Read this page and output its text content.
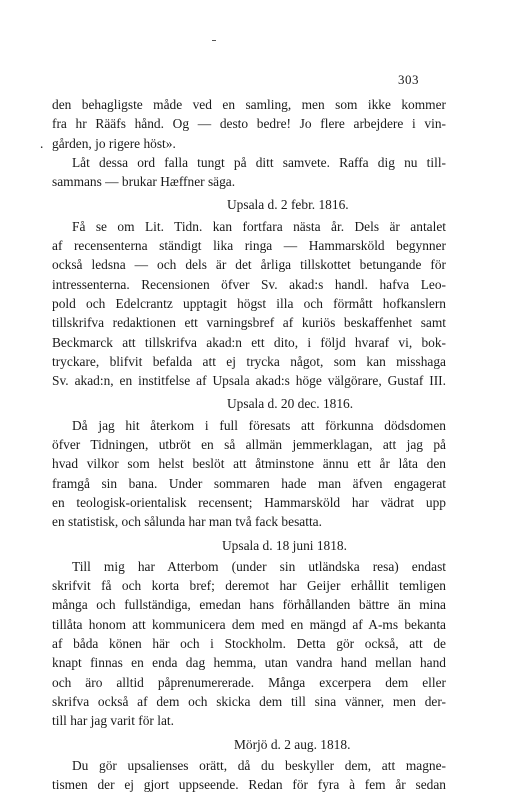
303
den behagligste måde ved en samling, men som ikke kommer
fra hr Rääfs hånd. Og — desto bedre! Jo flere arbejdere i vin-
gården, jo rigere höst».
.
Låt dessa ord falla tungt på ditt samvete. Raffa dig nu till-
sammans — brukar Hæffner säga.
Upsala d. 2 febr. 1816.
Få se om Lit. Tidn. kan fortfara nästa år. Dels är antalet
af recensenterna ständigt lika ringa — Hammarsköld begynner
också ledsna — och dels är det årliga tillskottet betungande för
intressenterna. Recensionen öfver Sv. akad:s handl. hafva Leo-
pold och Edelcrantz upptagit högst illa och förmått hofkanslern
tillskrifva redaktionen ett varningsbref af kuriös beskaffenhet samt
Beckmarck att tillskrifva akad:n ett dito, i följd hvaraf vi, bok-
tryckare, blifvit befalda att ej trycka något, som kan misshaga
Sv. akad:n, en institfelse af Upsala akad:s höge välgörare, Gustaf III.
Upsala d. 20 dec. 1816.
Då jag hit återkom i full föresats att förkunna dödsdomen
öfver Tidningen, utbröt en så allmän jemmerklagan, att jag på
hvad vilkor som helst beslöt att åtminstone ännu ett år låta den
framgå sin bana. Under sommaren hade man äfven engagerat
en teologisk-orientalisk recensent; Hammarsköld har vädrat upp
en statistisk, och sålunda har man två fack besatta.
Upsala d. 18 juni 1818.
Till mig har Atterbom (under sin utländska resa) endast
skrifvit få och korta bref; deremot har Geijer erhållit temligen
många och fullständiga, emedan hans förhållanden bättre än mina
tillåta honom att kommunicera dem med en mängd af A-ms bekanta
af båda könen här och i Stockholm. Detta gör också, att de
knapt finnas en enda dag hemma, utan vandra hand mellan hand
och äro alltid påprenumererade. Många excerpera dem eller
skrifva också af dem och skicka dem till sina vänner, men der-
till har jag varit för lat.
Mörjö d. 2 aug. 1818.
Du gör upsalienses orätt, då du beskyller dem, att magne-
tismen der ej gjort uppseende. Redan för fyra à fem år sedan
